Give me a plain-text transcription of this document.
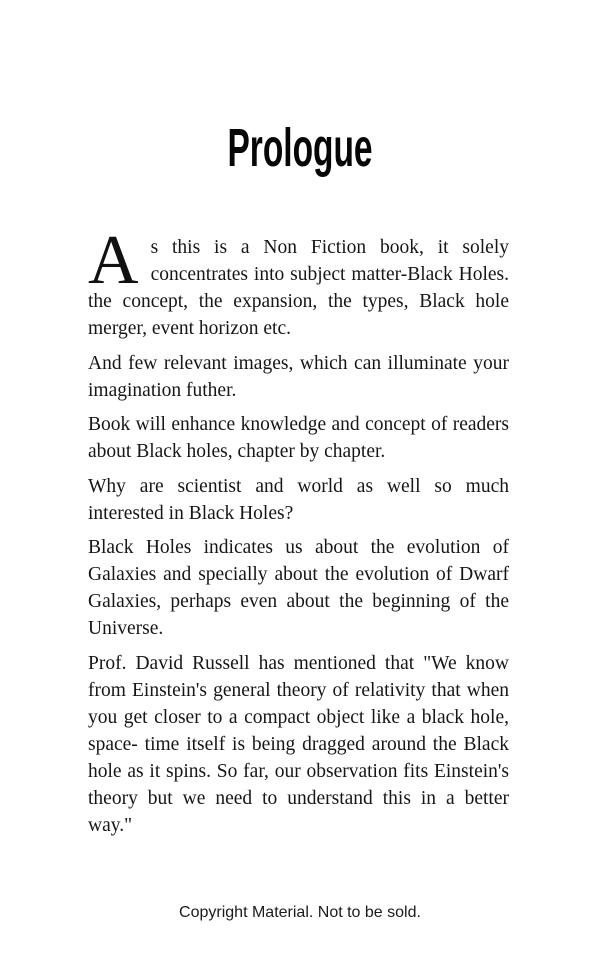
Prologue

As this is a Non Fiction book, it solely concentrates into subject matter-Black Holes. the concept, the expansion, the types, Black hole merger, event horizon etc.

And few relevant images, which can illuminate your imagination futher.

Book will enhance knowledge and concept of readers about Black holes, chapter by chapter.

Why are scientist and world as well so much interested in Black Holes?

Black Holes indicates us about the evolution of Galaxies and specially about the evolution of Dwarf Galaxies, perhaps even about the beginning of the Universe.

Prof. David Russell has mentioned that "We know from Einstein's general theory of relativity that when you get closer to a compact object like a black hole, space- time itself is being dragged around the Black hole as it spins. So far, our observation fits Einstein's theory but we need to understand this in a better way."

Copyright Material. Not to be sold.
